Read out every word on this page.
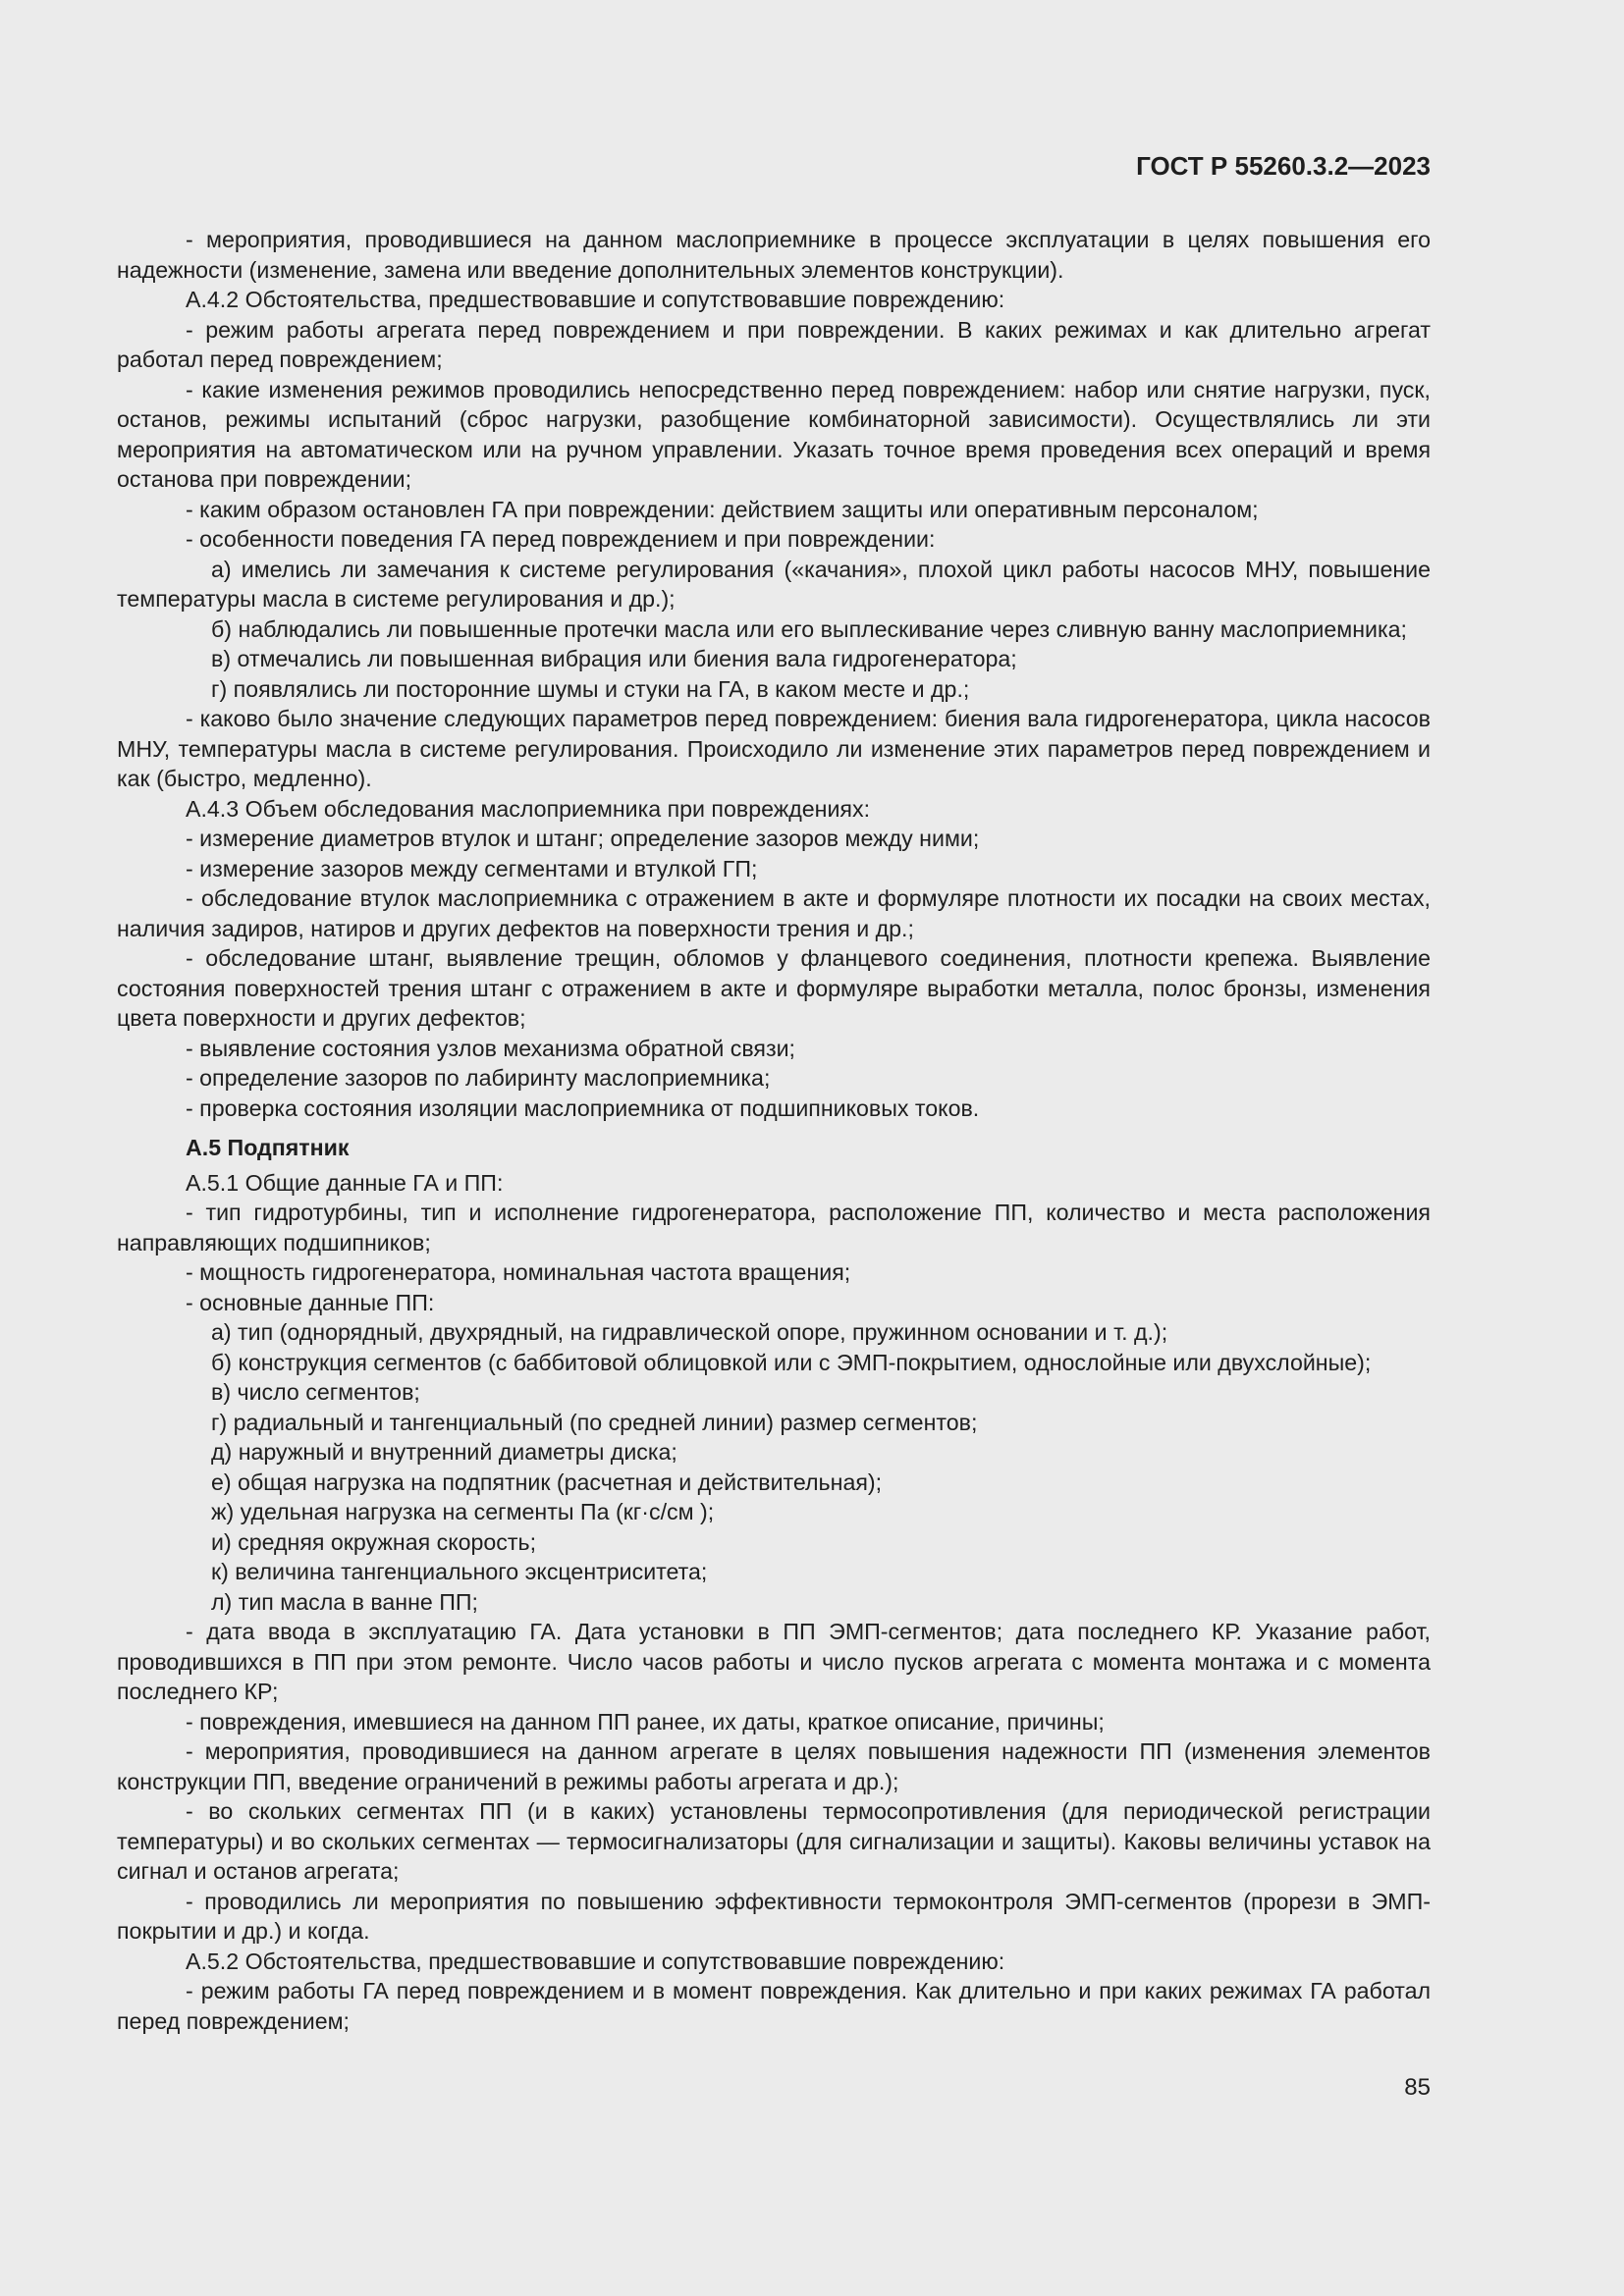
ГОСТ Р 55260.3.2—2023

- мероприятия, проводившиеся на данном маслоприемнике в процессе эксплуатации в целях повышения его надежности (изменение, замена или введение дополнительных элементов конструкции).

А.4.2 Обстоятельства, предшествовавшие и сопутствовавшие повреждению:

- режим работы агрегата перед повреждением и при повреждении. В каких режимах и как длительно агрегат работал перед повреждением;

- какие изменения режимов проводились непосредственно перед повреждением: набор или снятие нагрузки, пуск, останов, режимы испытаний (сброс нагрузки, разобщение комбинаторной зависимости). Осуществлялись ли эти мероприятия на автоматическом или на ручном управлении. Указать точное время проведения всех операций и время останова при повреждении;

- каким образом остановлен ГА при повреждении: действием защиты или оперативным персоналом;

- особенности поведения ГА перед повреждением и при повреждении:

а) имелись ли замечания к системе регулирования («качания», плохой цикл работы насосов МНУ, повышение температуры масла в системе регулирования и др.);

б) наблюдались ли повышенные протечки масла или его выплескивание через сливную ванну маслоприемника;

в) отмечались ли повышенная вибрация или биения вала гидрогенератора;

г) появлялись ли посторонние шумы и стуки на ГА, в каком месте и др.;

- каково было значение следующих параметров перед повреждением: биения вала гидрогенератора, цикла насосов МНУ, температуры масла в системе регулирования. Происходило ли изменение этих параметров перед повреждением и как (быстро, медленно).

А.4.3 Объем обследования маслоприемника при повреждениях:

- измерение диаметров втулок и штанг; определение зазоров между ними;

- измерение зазоров между сегментами и втулкой ГП;

- обследование втулок маслоприемника с отражением в акте и формуляре плотности их посадки на своих местах, наличия задиров, натиров и других дефектов на поверхности трения и др.;

- обследование штанг, выявление трещин, обломов у фланцевого соединения, плотности крепежа. Выявление состояния поверхностей трения штанг с отражением в акте и формуляре выработки металла, полос бронзы, изменения цвета поверхности и других дефектов;

- выявление состояния узлов механизма обратной связи;

- определение зазоров по лабиринту маслоприемника;

- проверка состояния изоляции маслоприемника от подшипниковых токов.

А.5 Подпятник

А.5.1 Общие данные ГА и ПП:

- тип гидротурбины, тип и исполнение гидрогенератора, расположение ПП, количество и места расположения направляющих подшипников;

- мощность гидрогенератора, номинальная частота вращения;

- основные данные ПП:

а) тип (однорядный, двухрядный, на гидравлической опоре, пружинном основании и т. д.);

б) конструкция сегментов (с баббитовой облицовкой или с ЭМП-покрытием, однослойные или двухслойные);

в) число сегментов;

г) радиальный и тангенциальный (по средней линии) размер сегментов;

д) наружный и внутренний диаметры диска;

е) общая нагрузка на подпятник (расчетная и действительная);

ж) удельная нагрузка на сегменты Па (кг·с/см );

и) средняя окружная скорость;

к) величина тангенциального эксцентриситета;

л) тип масла в ванне ПП;

- дата ввода в эксплуатацию ГА. Дата установки в ПП ЭМП-сегментов; дата последнего КР. Указание работ, проводившихся в ПП при этом ремонте. Число часов работы и число пусков агрегата с момента монтажа и с момента последнего КР;

- повреждения, имевшиеся на данном ПП ранее, их даты, краткое описание, причины;

- мероприятия, проводившиеся на данном агрегате в целях повышения надежности ПП (изменения элементов конструкции ПП, введение ограничений в режимы работы агрегата и др.);

- во скольких сегментах ПП (и в каких) установлены термосопротивления (для периодической регистрации температуры) и во скольких сегментах — термосигнализаторы (для сигнализации и защиты). Каковы величины уставок на сигнал и останов агрегата;

- проводились ли мероприятия по повышению эффективности термоконтроля ЭМП-сегментов (прорези в ЭМП-покрытии и др.) и когда.

А.5.2 Обстоятельства, предшествовавшие и сопутствовавшие повреждению:

- режим работы ГА перед повреждением и в момент повреждения. Как длительно и при каких режимах ГА работал перед повреждением;

85
